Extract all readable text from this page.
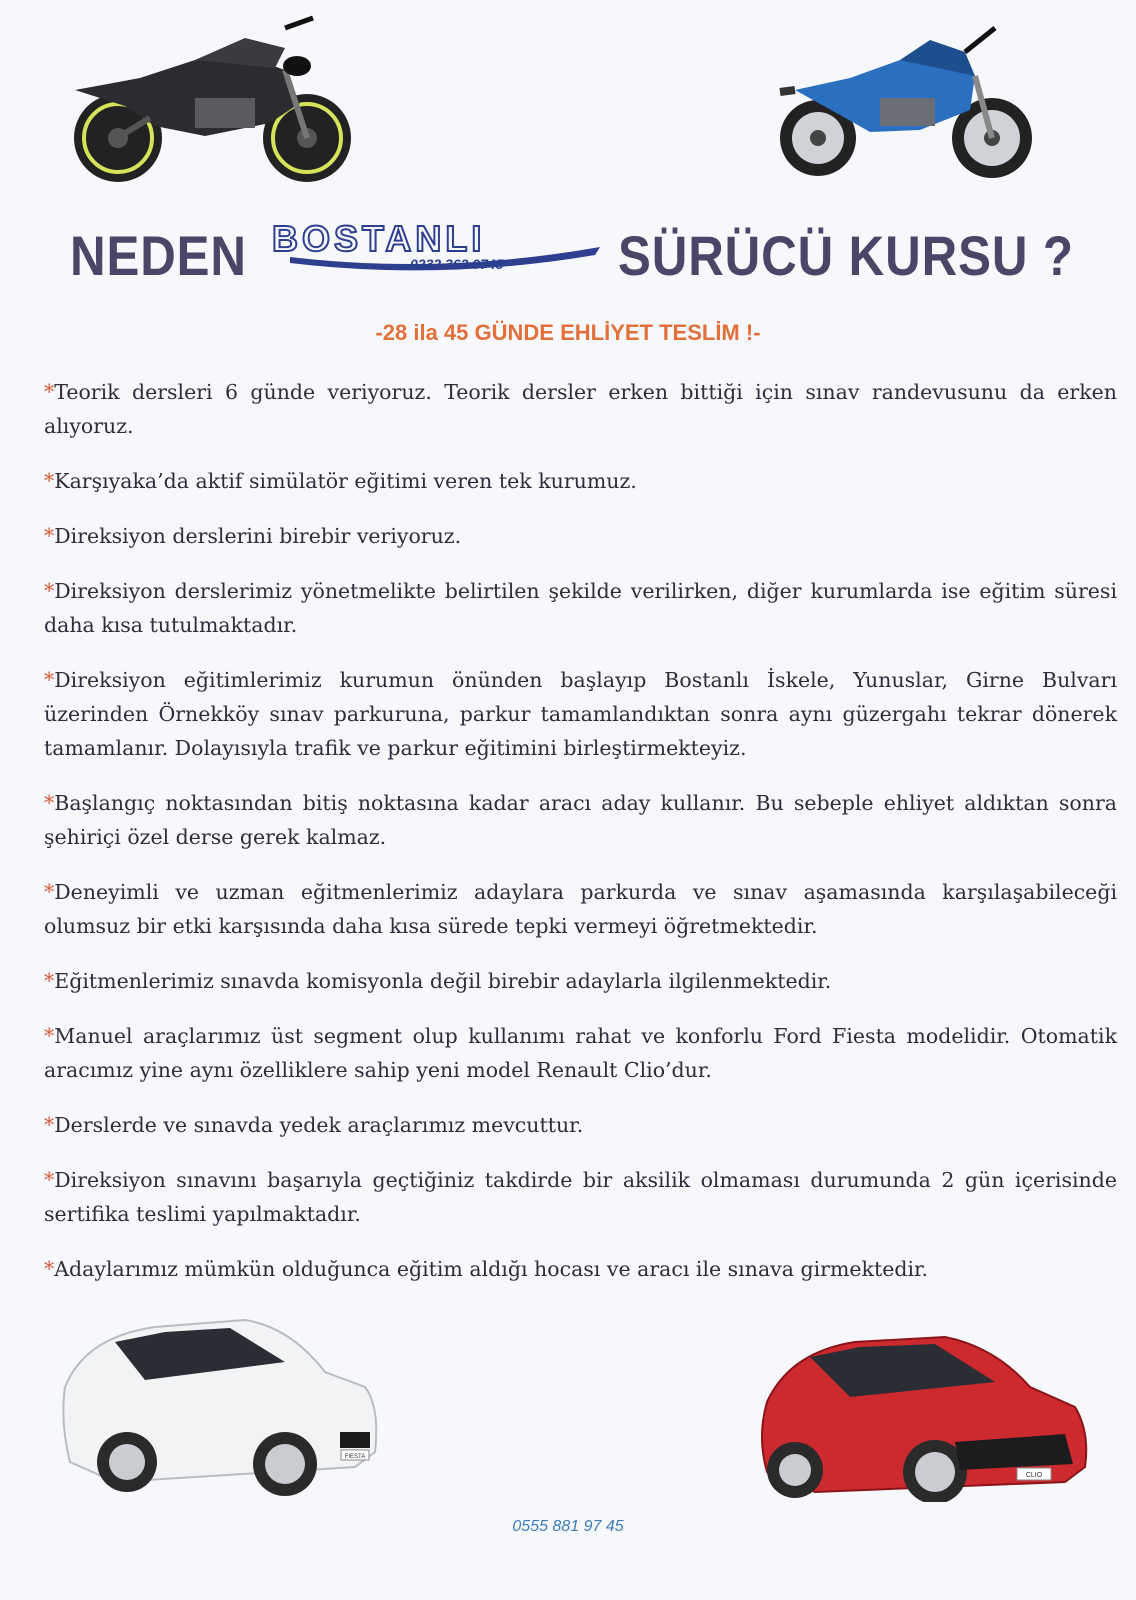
NEDEN BOSTANLI
0232.362 9745 SÜRÜCÜ KURSU ?
-28 ila 45 GÜNDE EHLİYET TESLİM !-

*Teorik dersleri 6 günde veriyoruz. Teorik dersler erken bittiği için sınav randevusunu da erken alıyoruz.

*Karşıyaka’da aktif simülatör eğitimi veren tek kurumuz.

*Direksiyon derslerini birebir veriyoruz.

*Direksiyon derslerimiz yönetmelikte belirtilen şekilde verilirken, diğer kurumlarda ise eğitim süresi daha kısa tutulmaktadır.

*Direksiyon eğitimlerimiz kurumun önünden başlayıp Bostanlı İskele, Yunuslar, Girne Bulvarı üzerinden Örnekköy sınav parkuruna, parkur tamamlandıktan sonra aynı güzergahı tekrar dönerek tamamlanır. Dolayısıyla trafik ve parkur eğitimini birleştirmekteyiz.

*Başlangıç noktasından bitiş noktasına kadar aracı aday kullanır. Bu sebeple ehliyet aldıktan sonra şehiriçi özel derse gerek kalmaz.

*Deneyimli ve uzman eğitmenlerimiz adaylara parkurda ve sınav aşamasında karşılaşabileceği olumsuz bir etki karşısında daha kısa sürede tepki vermeyi öğretmektedir.

*Eğitmenlerimiz sınavda komisyonla değil birebir adaylarla ilgilenmektedir.

*Manuel araçlarımız üst segment olup kullanımı rahat ve konforlu Ford Fiesta modelidir. Otomatik aracımız yine aynı özelliklere sahip yeni model Renault Clio’dur.

*Derslerde ve sınavda yedek araçlarımız mevcuttur.

*Direksiyon sınavını başarıyla geçtiğiniz takdirde bir aksilik olmaması durumunda 2 gün içerisinde sertifika teslimi yapılmaktadır.

*Adaylarımız mümkün olduğunca eğitim aldığı hocası ve aracı ile sınava girmektedir.

FIESTA
CLIO
0555 881 97 45
